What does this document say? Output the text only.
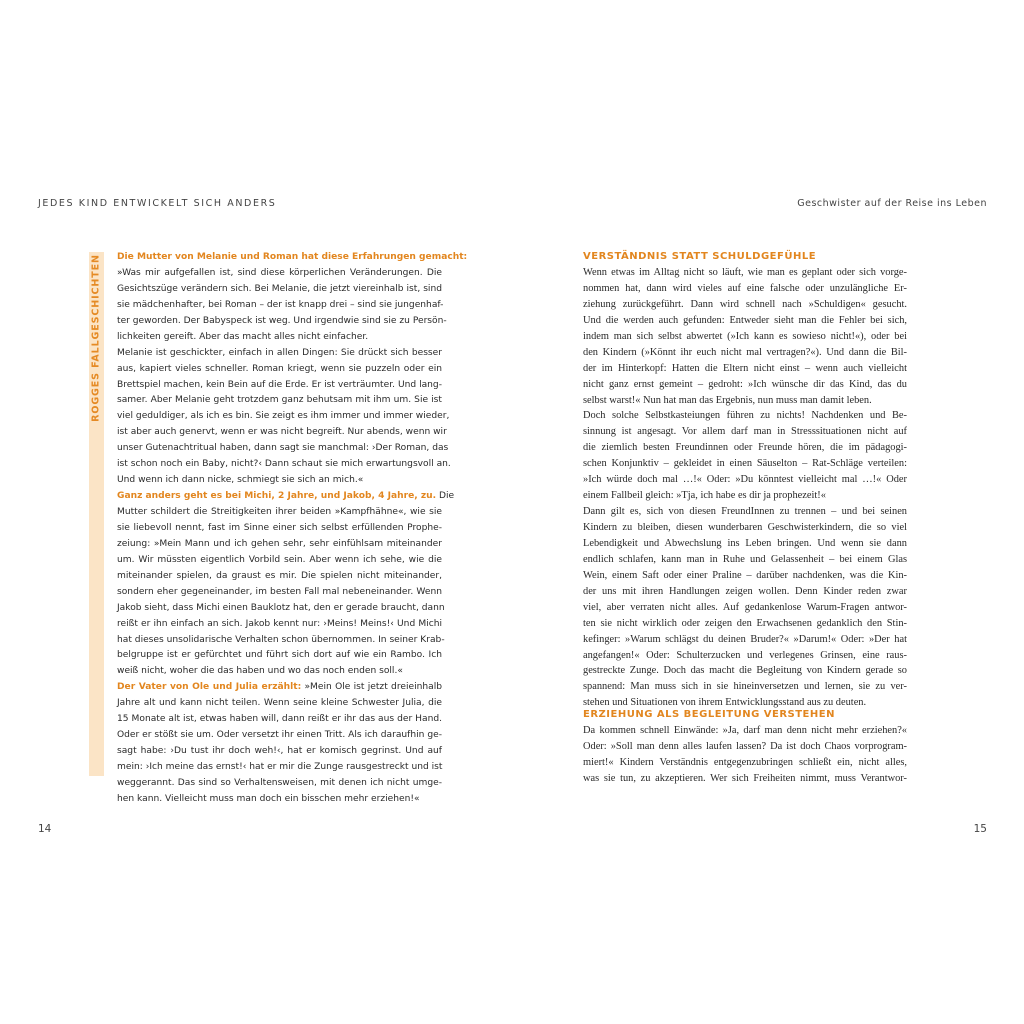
JEDES KIND ENTWICKELT SICH ANDERS	Geschwister auf der Reise ins Leben
ROGGES FALLGESCHICHTEN Die Mutter von Melanie und Roman hat diese Erfahrungen gemacht:
»Was mir aufgefallen ist, sind diese körperlichen Veränderungen. Die
Gesichtszüge verändern sich. Bei Melanie, die jetzt viereinhalb ist, sind
sie mädchenhafter, bei Roman – der ist knapp drei – sind sie jungenhaf-
ter geworden. Der Babyspeck ist weg. Und irgendwie sind sie zu Persön-
lichkeiten gereift. Aber das macht alles nicht einfacher.
Melanie ist geschickter, einfach in allen Dingen: Sie drückt sich besser
aus, kapiert vieles schneller. Roman kriegt, wenn sie puzzeln oder ein
Brettspiel machen, kein Bein auf die Erde. Er ist verträumter. Und lang-
samer. Aber Melanie geht trotzdem ganz behutsam mit ihm um. Sie ist
viel geduldiger, als ich es bin. Sie zeigt es ihm immer und immer wieder,
ist aber auch genervt, wenn er was nicht begreift. Nur abends, wenn wir
unser Gutenachtritual haben, dann sagt sie manchmal: ›Der Roman, das
ist schon noch ein Baby, nicht?‹ Dann schaut sie mich erwartungsvoll an.
Und wenn ich dann nicke, schmiegt sie sich an mich.«
Ganz anders geht es bei Michi, 2 Jahre, und Jakob, 4 Jahre, zu. Die
Mutter schildert die Streitigkeiten ihrer beiden »Kampfhähne«, wie sie
sie liebevoll nennt, fast im Sinne einer sich selbst erfüllenden Prophe-
zeiung: »Mein Mann und ich gehen sehr, sehr einfühlsam miteinander
um. Wir müssten eigentlich Vorbild sein. Aber wenn ich sehe, wie die
miteinander spielen, da graust es mir. Die spielen nicht miteinander,
sondern eher gegeneinander, im besten Fall mal nebeneinander. Wenn
Jakob sieht, dass Michi einen Bauklotz hat, den er gerade braucht, dann
reißt er ihn einfach an sich. Jakob kennt nur: ›Meins! Meins!‹ Und Michi
hat dieses unsolidarische Verhalten schon übernommen. In seiner Krab-
belgruppe ist er gefürchtet und führt sich dort auf wie ein Rambo. Ich
weiß nicht, woher die das haben und wo das noch enden soll.«
Der Vater von Ole und Julia erzählt: »Mein Ole ist jetzt dreieinhalb
Jahre alt und kann nicht teilen. Wenn seine kleine Schwester Julia, die
15 Monate alt ist, etwas haben will, dann reißt er ihr das aus der Hand.
Oder er stößt sie um. Oder versetzt ihr einen Tritt. Als ich daraufhin ge-
sagt habe: ›Du tust ihr doch weh!‹, hat er komisch gegrinst. Und auf
mein: ›Ich meine das ernst!‹ hat er mir die Zunge rausgestreckt und ist
weggerannt. Das sind so Verhaltensweisen, mit denen ich nicht umge-
hen kann. Vielleicht muss man doch ein bisschen mehr erziehen!«
VERSTÄNDNIS STATT SCHULDGEFÜHLE
Wenn etwas im Alltag nicht so läuft, wie man es geplant oder sich vorge-
nommen hat, dann wird vieles auf eine falsche oder unzulängliche Er-
ziehung zurückgeführt. Dann wird schnell nach »Schuldigen« gesucht.
Und die werden auch gefunden: Entweder sieht man die Fehler bei sich,
indem man sich selbst abwertet (»Ich kann es sowieso nicht!«), oder bei
den Kindern (»Könnt ihr euch nicht mal vertragen?«). Und dann die Bil-
der im Hinterkopf: Hatten die Eltern nicht einst – wenn auch vielleicht
nicht ganz ernst gemeint – gedroht: »Ich wünsche dir das Kind, das du
selbst warst!« Nun hat man das Ergebnis, nun muss man damit leben.
Doch solche Selbstkasteiungen führen zu nichts! Nachdenken und Be-
sinnung ist angesagt. Vor allem darf man in Stresssituationen nicht auf
die ziemlich besten Freundinnen oder Freunde hören, die im pädagogi-
schen Konjunktiv – gekleidet in einen Säuselton – Rat-Schläge verteilen:
»Ich würde doch mal …!« Oder: »Du könntest vielleicht mal …!« Oder
einem Fallbeil gleich: »Tja, ich habe es dir ja prophezeit!«
Dann gilt es, sich von diesen FreundInnen zu trennen – und bei seinen
Kindern zu bleiben, diesen wunderbaren Geschwisterkindern, die so viel
Lebendigkeit und Abwechslung ins Leben bringen. Und wenn sie dann
endlich schlafen, kann man in Ruhe und Gelassenheit – bei einem Glas
Wein, einem Saft oder einer Praline – darüber nachdenken, was die Kin-
der uns mit ihren Handlungen zeigen wollen. Denn Kinder reden zwar
viel, aber verraten nicht alles. Auf gedankenlose Warum-Fragen antwor-
ten sie nicht wirklich oder zeigen den Erwachsenen gedanklich den Stin-
kefinger: »Warum schlägst du deinen Bruder?« »Darum!« Oder: »Der hat
angefangen!« Oder: Schulterzucken und verlegenes Grinsen, eine raus-
gestreckte Zunge. Doch das macht die Begleitung von Kindern gerade so
spannend: Man muss sich in sie hineinversetzen und lernen, sie zu ver-
stehen und Situationen von ihrem Entwicklungsstand aus zu deuten.
ERZIEHUNG ALS BEGLEITUNG VERSTEHEN
Da kommen schnell Einwände: »Ja, darf man denn nicht mehr erziehen?«
Oder: »Soll man denn alles laufen lassen? Da ist doch Chaos vorprogram-
miert!« Kindern Verständnis entgegenzubringen schließt ein, nicht alles,
was sie tun, zu akzeptieren. Wer sich Freiheiten nimmt, muss Verantwor-
14	15
